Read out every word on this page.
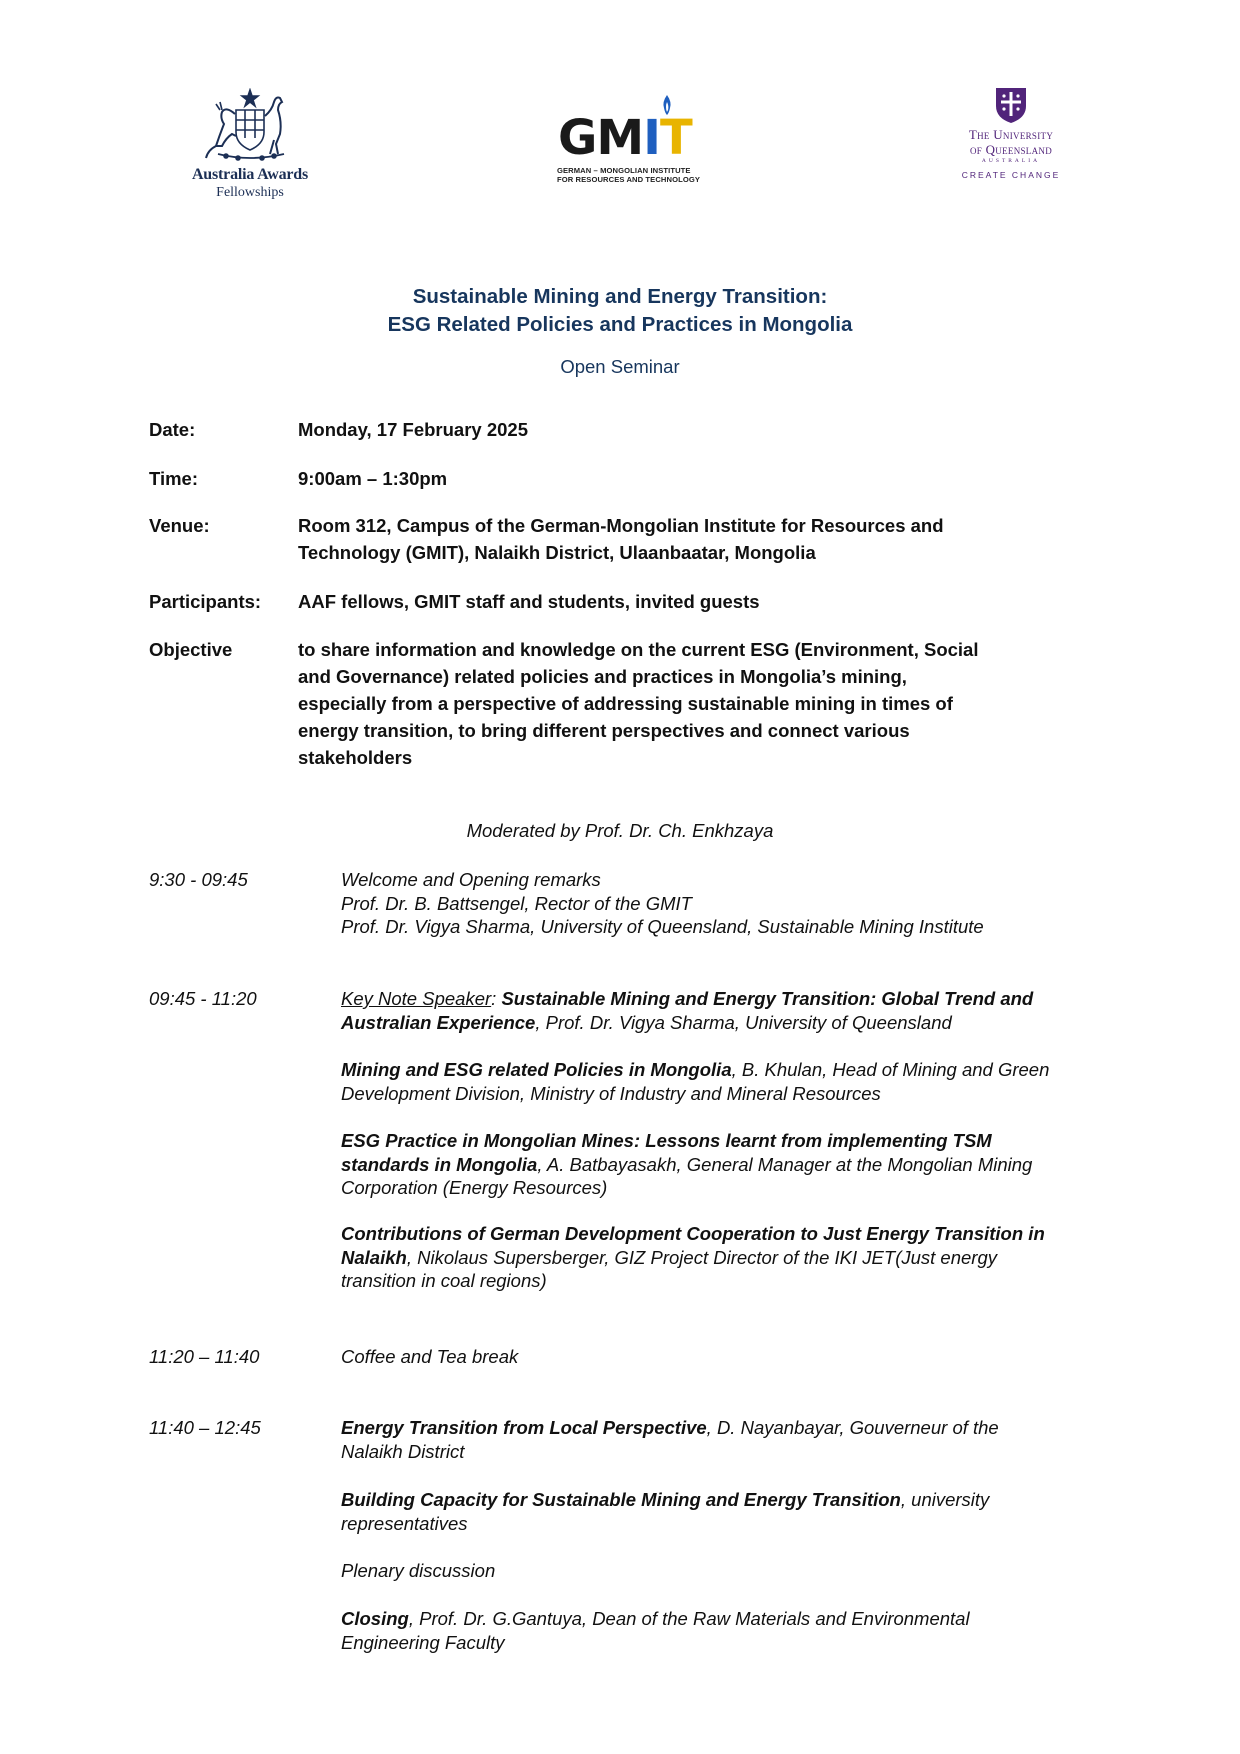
Australia Awards
Fellowships
GMIT
GERMAN – MONGOLIAN INSTITUTE
FOR RESOURCES AND TECHNOLOGY
The University
of Queensland
AUSTRALIA
CREATE CHANGE
Sustainable Mining and Energy Transition:
ESG Related Policies and Practices in Mongolia
Open Seminar
Date:	Monday, 17 February 2025
Time:	9:00am – 1:30pm
Venue:	Room 312, Campus of the German-Mongolian Institute for Resources and
Technology (GMIT), Nalaikh District, Ulaanbaatar, Mongolia
Participants: AAF fellows, GMIT staff and students, invited guests
Objective	to share information and knowledge on the current ESG (Environment, Social
and Governance) related policies and practices in Mongolia’s mining,
especially from a perspective of addressing sustainable mining in times of
energy transition, to bring different perspectives and connect various
stakeholders
Moderated by Prof. Dr. Ch. Enkhzaya
9:30 - 09:45	Welcome and Opening remarks
Prof. Dr. B. Battsengel, Rector of the GMIT
Prof. Dr. Vigya Sharma, University of Queensland, Sustainable Mining Institute
09:45 - 11:20	Key Note Speaker: Sustainable Mining and Energy Transition: Global Trend and
Australian Experience, Prof. Dr. Vigya Sharma, University of Queensland
Mining and ESG related Policies in Mongolia, B. Khulan, Head of Mining and Green
Development Division, Ministry of Industry and Mineral Resources
ESG Practice in Mongolian Mines: Lessons learnt from implementing TSM
standards in Mongolia, A. Batbayasakh, General Manager at the Mongolian Mining
Corporation (Energy Resources)
Contributions of German Development Cooperation to Just Energy Transition in
Nalaikh, Nikolaus Supersberger, GIZ Project Director of the IKI JET(Just energy
transition in coal regions)
11:20 – 11:40	Coffee and Tea break
11:40 – 12:45	Energy Transition from Local Perspective, D. Nayanbayar, Gouverneur of the
Nalaikh District
Building Capacity for Sustainable Mining and Energy Transition, university
representatives
Plenary discussion
Closing, Prof. Dr. G.Gantuya, Dean of the Raw Materials and Environmental
Engineering Faculty
